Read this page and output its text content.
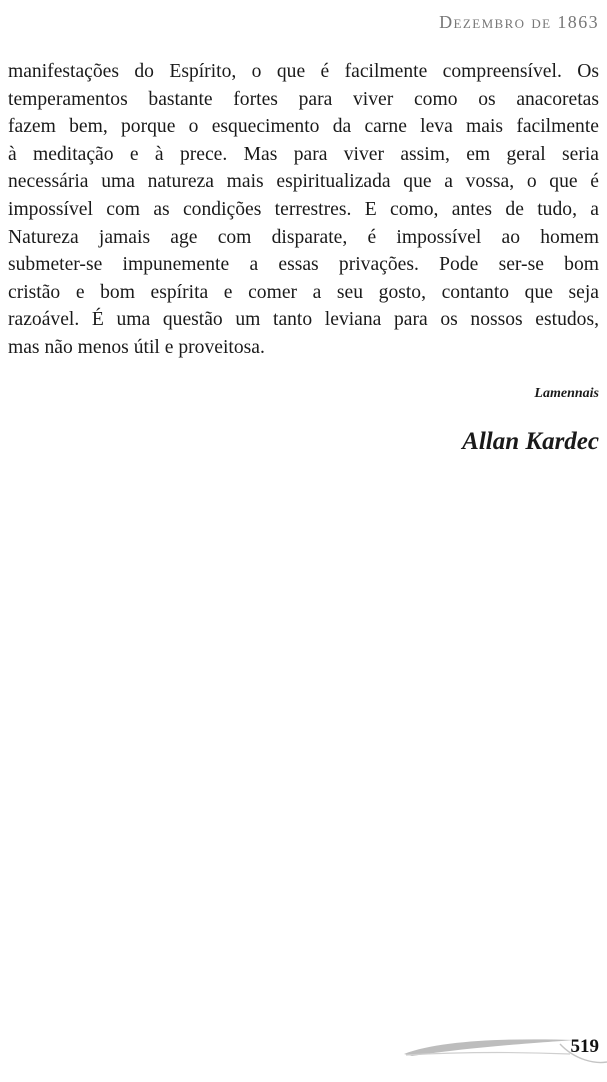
Dezembro de 1863

manifestações do Espírito, o que é facilmente compreensível. Os
temperamentos bastante fortes para viver como os anacoretas
fazem bem, porque o esquecimento da carne leva mais facilmente
à meditação e à prece. Mas para viver assim, em geral seria
necessária uma natureza mais espiritualizada que a vossa, o que é
impossível com as condições terrestres. E como, antes de tudo, a
Natureza jamais age com disparate, é impossível ao homem
submeter-se impunemente a essas privações. Pode ser-se bom
cristão e bom espírita e comer a seu gosto, contanto que seja
razoável. É uma questão um tanto leviana para os nossos estudos,
mas não menos útil e proveitosa.

Lamennais
Allan Kardec
519
